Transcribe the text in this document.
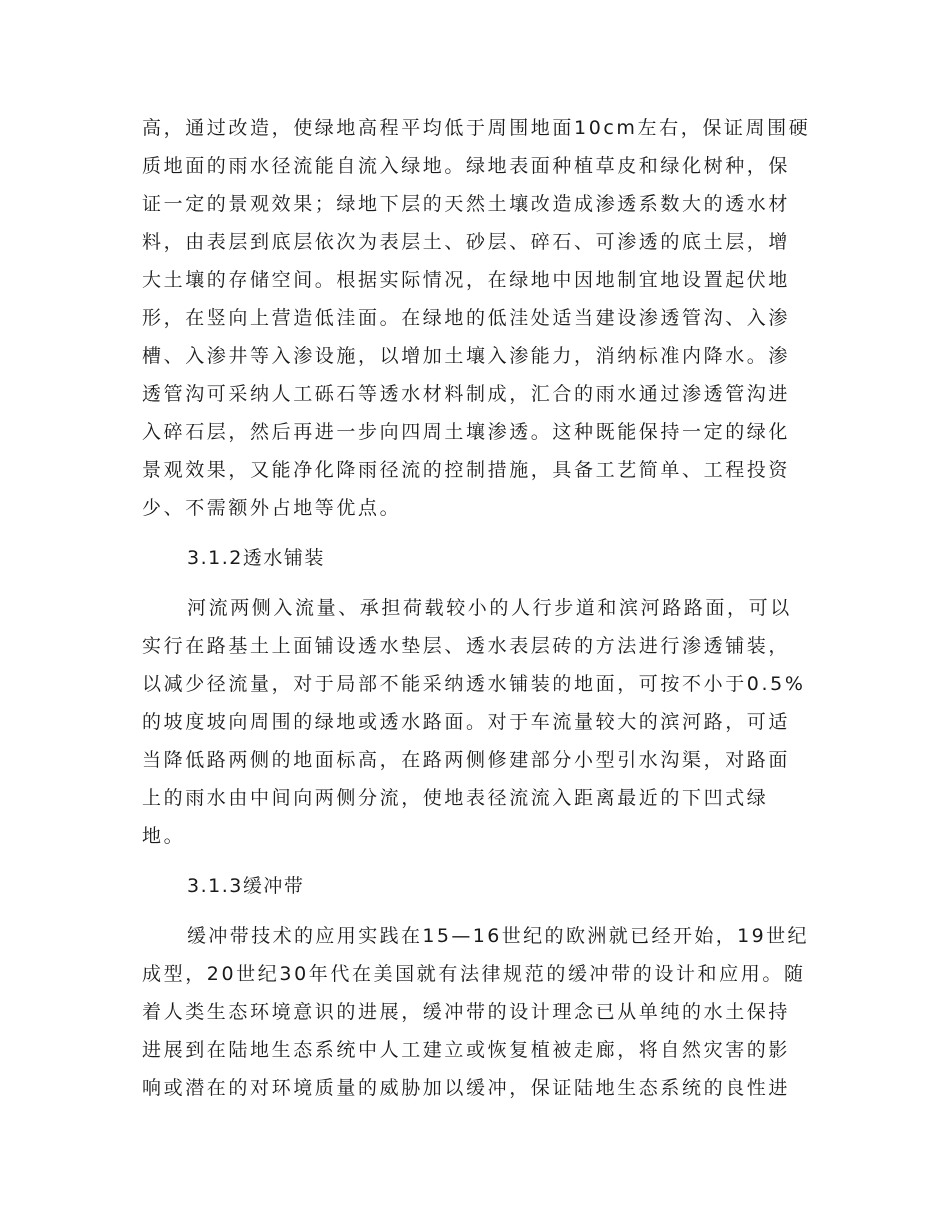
高，通过改造，使绿地高程平均低于周围地面10cm左右，保证周围硬
质地面的雨水径流能自流入绿地。绿地表面种植草皮和绿化树种，保
证一定的景观效果；绿地下层的天然土壤改造成渗透系数大的透水材
料，由表层到底层依次为表层土、砂层、碎石、可渗透的底土层，增
大土壤的存储空间。根据实际情况，在绿地中因地制宜地设置起伏地
形，在竖向上营造低洼面。在绿地的低洼处适当建设渗透管沟、入渗
槽、入渗井等入渗设施，以增加土壤入渗能力，消纳标准内降水。渗
透管沟可采纳人工砾石等透水材料制成，汇合的雨水通过渗透管沟进
入碎石层，然后再进一步向四周土壤渗透。这种既能保持一定的绿化
景观效果，又能净化降雨径流的控制措施，具备工艺简单、工程投资
少、不需额外占地等优点。
3.1.2透水铺装
河流两侧入流量、承担荷载较小的人行步道和滨河路路面，可以
实行在路基土上面铺设透水垫层、透水表层砖的方法进行渗透铺装，
以减少径流量，对于局部不能采纳透水铺装的地面，可按不小于0.5%
的坡度坡向周围的绿地或透水路面。对于车流量较大的滨河路，可适
当降低路两侧的地面标高，在路两侧修建部分小型引水沟渠，对路面
上的雨水由中间向两侧分流，使地表径流流入距离最近的下凹式绿
地。
3.1.3缓冲带
缓冲带技术的应用实践在15—16世纪的欧洲就已经开始，19世纪
成型，20世纪30年代在美国就有法律规范的缓冲带的设计和应用。随
着人类生态环境意识的进展，缓冲带的设计理念已从单纯的水土保持
进展到在陆地生态系统中人工建立或恢复植被走廊，将自然灾害的影
响或潜在的对环境质量的威胁加以缓冲，保证陆地生态系统的良性进
